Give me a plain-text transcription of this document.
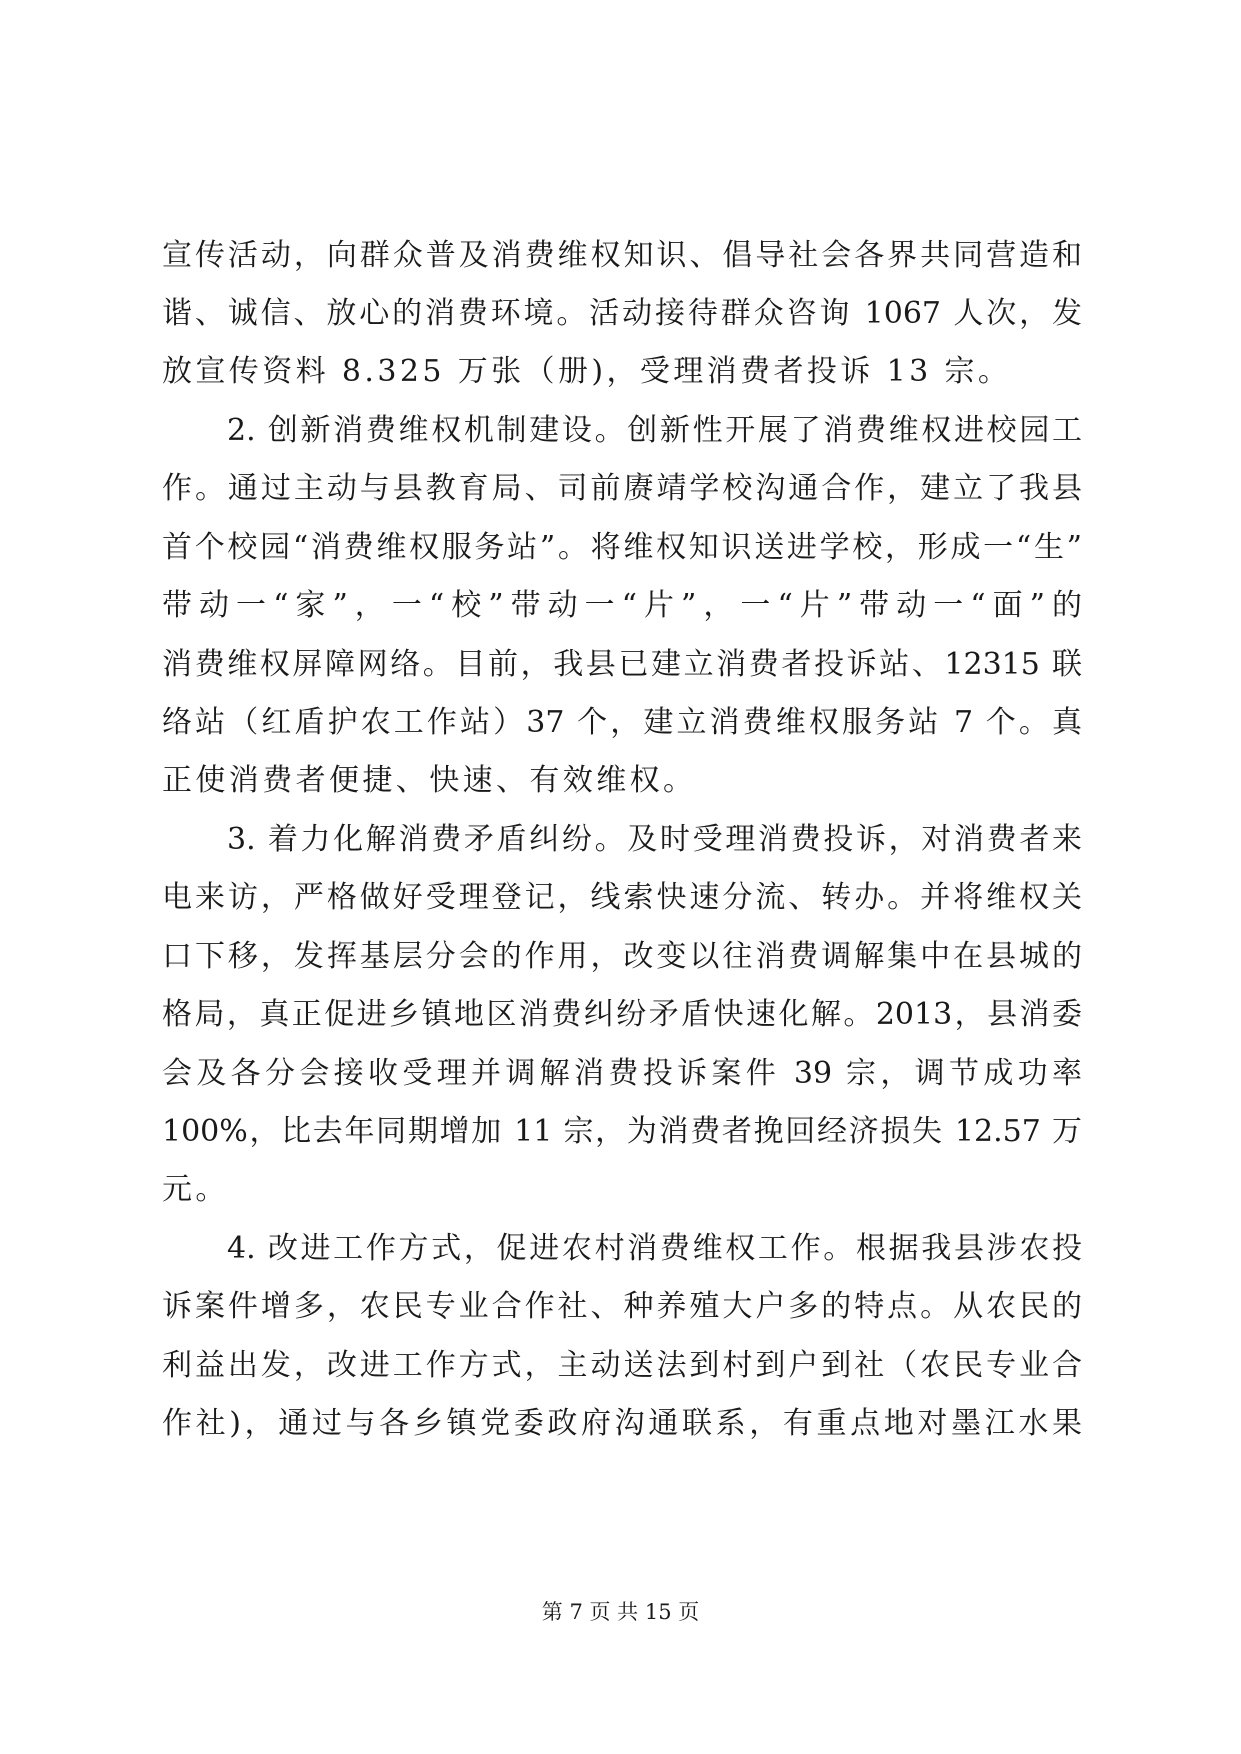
宣传活动，向群众普及消费维权知识、倡导社会各界共同营造和
谐、诚信、放心的消费环境。活动接待群众咨询 1067 人次，发
放宣传资料 8.325 万张（册)，受理消费者投诉 13 宗。
2. 创新消费维权机制建设。创新性开展了消费维权进校园工
作。通过主动与县教育局、司前赓靖学校沟通合作，建立了我县
首个校园“消费维权服务站”。将维权知识送进学校，形成一“生”
带动一“家”，一“校”带动一“片”，一“片”带动一“面”的
消费维权屏障网络。目前，我县已建立消费者投诉站、12315 联
络站（红盾护农工作站）37 个，建立消费维权服务站 7 个。真
正使消费者便捷、快速、有效维权。
3. 着力化解消费矛盾纠纷。及时受理消费投诉，对消费者来
电来访，严格做好受理登记，线索快速分流、转办。并将维权关
口下移，发挥基层分会的作用，改变以往消费调解集中在县城的
格局，真正促进乡镇地区消费纠纷矛盾快速化解。2013，县消委
会及各分会接收受理并调解消费投诉案件 39 宗，调节成功率
100%，比去年同期增加 11 宗，为消费者挽回经济损失 12.57 万
元。
4. 改进工作方式，促进农村消费维权工作。根据我县涉农投
诉案件增多，农民专业合作社、种养殖大户多的特点。从农民的
利益出发，改进工作方式，主动送法到村到户到社（农民专业合
作社)，通过与各乡镇党委政府沟通联系，有重点地对墨江水果
第 7 页 共 15 页
